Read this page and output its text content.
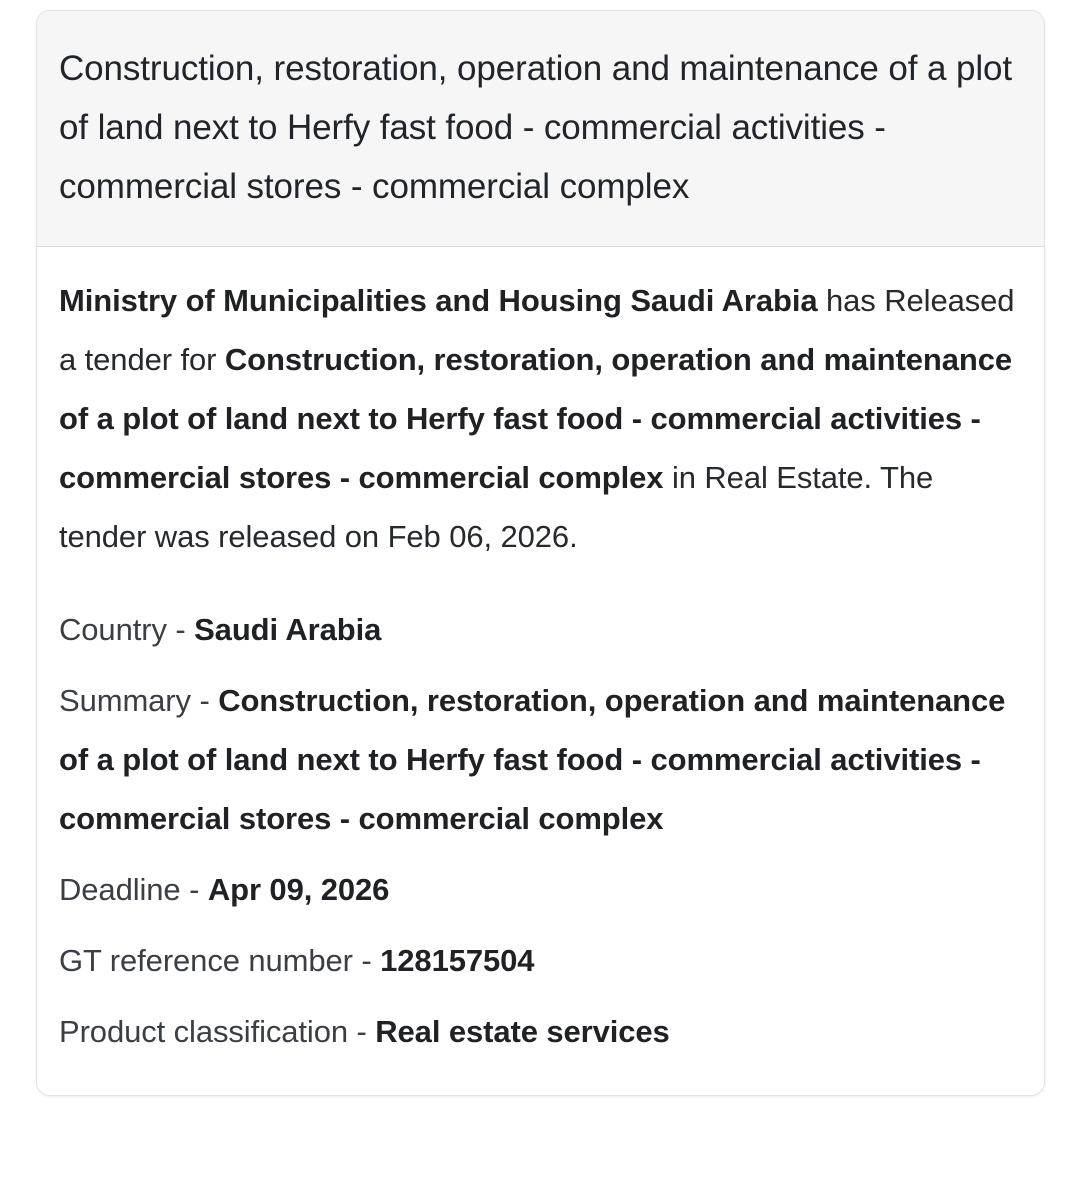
Construction, restoration, operation and maintenance of a plot of land next to Herfy fast food - commercial activities - commercial stores - commercial complex

Ministry of Municipalities and Housing Saudi Arabia has Released a tender for Construction, restoration, operation and maintenance of a plot of land next to Herfy fast food - commercial activities - commercial stores - commercial complex in Real Estate. The tender was released on Feb 06, 2026.

Country - Saudi Arabia
Summary - Construction, restoration, operation and maintenance of a plot of land next to Herfy fast food - commercial activities - commercial stores - commercial complex
Deadline - Apr 09, 2026
GT reference number - 128157504
Product classification - Real estate services
